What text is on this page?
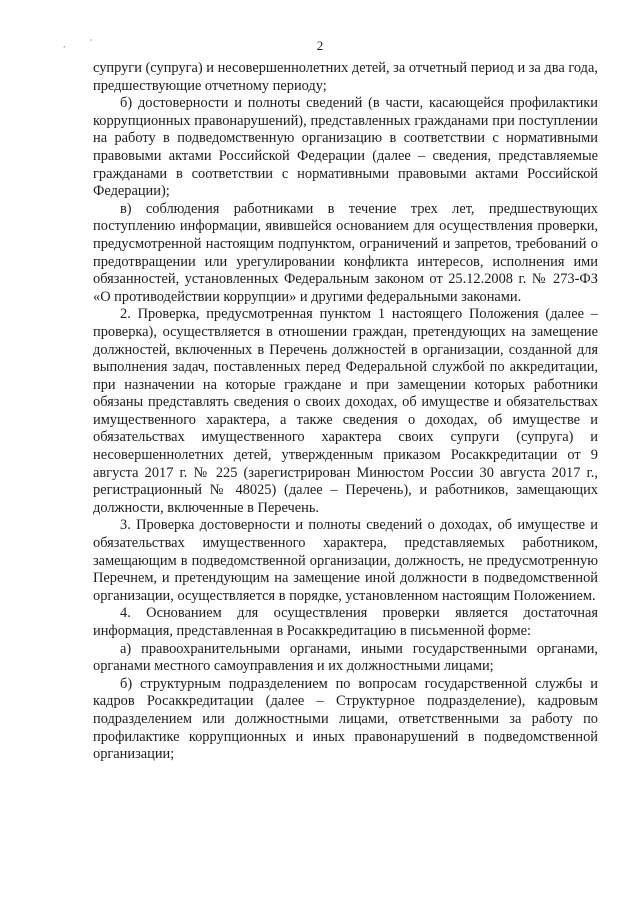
,	'	2

супруги (супруга) и несовершеннолетних детей, за отчетный период и за два года, предшествующие отчетному периоду;

б) достоверности и полноты сведений (в части, касающейся профилактики коррупционных правонарушений), представленных гражданами при поступлении на работу в подведомственную организацию в соответствии с нормативными правовыми актами Российской Федерации (далее – сведения, представляемые гражданами в соответствии с нормативными правовыми актами Российской Федерации);

в) соблюдения работниками в течение трех лет, предшествующих поступлению информации, явившейся основанием для осуществления проверки, предусмотренной настоящим подпунктом, ограничений и запретов, требований о предотвращении или урегулировании конфликта интересов, исполнения ими обязанностей, установленных Федеральным законом от 25.12.2008 г. № 273-ФЗ «О противодействии коррупции» и другими федеральными законами.

2. Проверка, предусмотренная пунктом 1 настоящего Положения (далее – проверка), осуществляется в отношении граждан, претендующих на замещение должностей, включенных в Перечень должностей в организации, созданной для выполнения задач, поставленных перед Федеральной службой по аккредитации, при назначении на которые граждане и при замещении которых работники обязаны представлять сведения о своих доходах, об имуществе и обязательствах имущественного характера, а также сведения о доходах, об имуществе и обязательствах имущественного характера своих супруги (супруга) и несовершеннолетних детей, утвержденным приказом Росаккредитации от 9 августа 2017 г. № 225 (зарегистрирован Минюстом России 30 августа 2017 г., регистрационный № 48025) (далее – Перечень), и работников, замещающих должности, включенные в Перечень.

3. Проверка достоверности и полноты сведений о доходах, об имуществе и обязательствах имущественного характера, представляемых работником, замещающим в подведомственной организации, должность, не предусмотренную Перечнем, и претендующим на замещение иной должности в подведомственной организации, осуществляется в порядке, установленном настоящим Положением.

4. Основанием для осуществления проверки является достаточная информация, представленная в Росаккредитацию в письменной форме:

а) правоохранительными органами, иными государственными органами, органами местного самоуправления и их должностными лицами;

б) структурным подразделением по вопросам государственной службы и кадров Росаккредитации (далее – Структурное подразделение), кадровым подразделением или должностными лицами, ответственными за работу по профилактике коррупционных и иных правонарушений в подведомственной организации;
